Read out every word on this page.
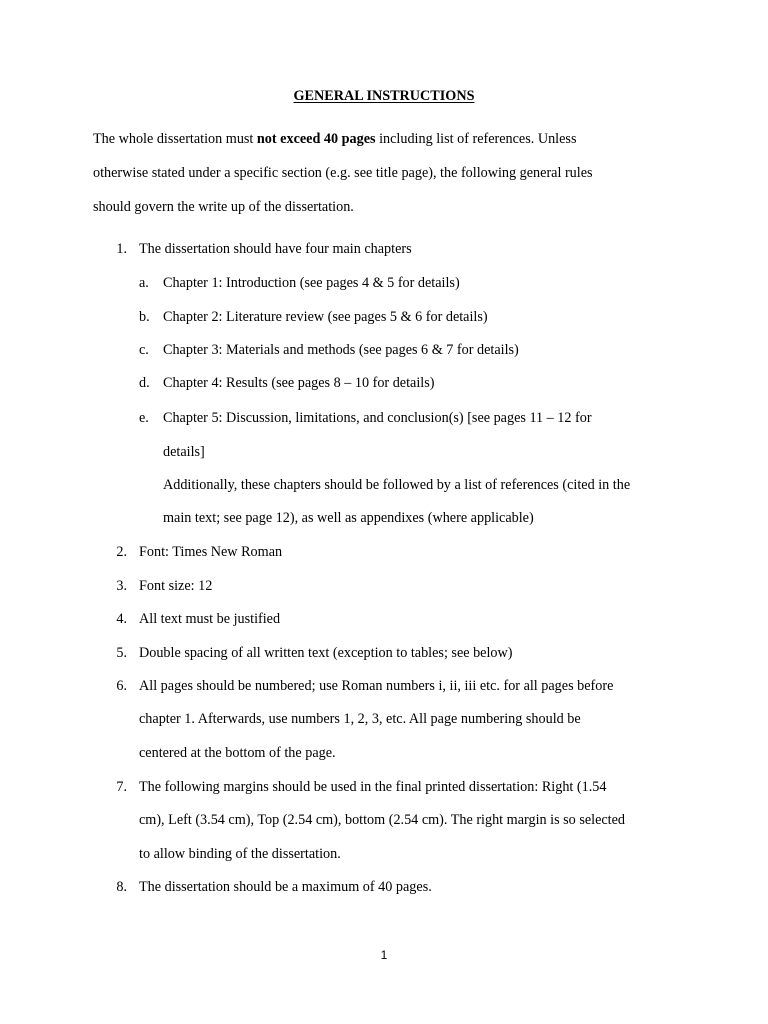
GENERAL INSTRUCTIONS
The whole dissertation must not exceed 40 pages including list of references. Unless
otherwise stated under a specific section (e.g. see title page), the following general rules
should govern the write up of the dissertation.
1. The dissertation should have four main chapters
a. Chapter 1: Introduction (see pages 4 & 5 for details)
b. Chapter 2: Literature review (see pages 5 & 6 for details)
c. Chapter 3: Materials and methods (see pages 6 & 7 for details)
d. Chapter 4: Results (see pages 8 – 10 for details)
e. Chapter 5: Discussion, limitations, and conclusion(s) [see pages 11 – 12 for
details]
Additionally, these chapters should be followed by a list of references (cited in the
main text; see page 12), as well as appendixes (where applicable)
2. Font: Times New Roman
3. Font size: 12
4. All text must be justified
5. Double spacing of all written text (exception to tables; see below)
6. All pages should be numbered; use Roman numbers i, ii, iii etc. for all pages before
chapter 1. Afterwards, use numbers 1, 2, 3, etc. All page numbering should be
centered at the bottom of the page.
7. The following margins should be used in the final printed dissertation: Right (1.54
cm), Left (3.54 cm), Top (2.54 cm), bottom (2.54 cm). The right margin is so selected
to allow binding of the dissertation.
8. The dissertation should be a maximum of 40 pages.
1
